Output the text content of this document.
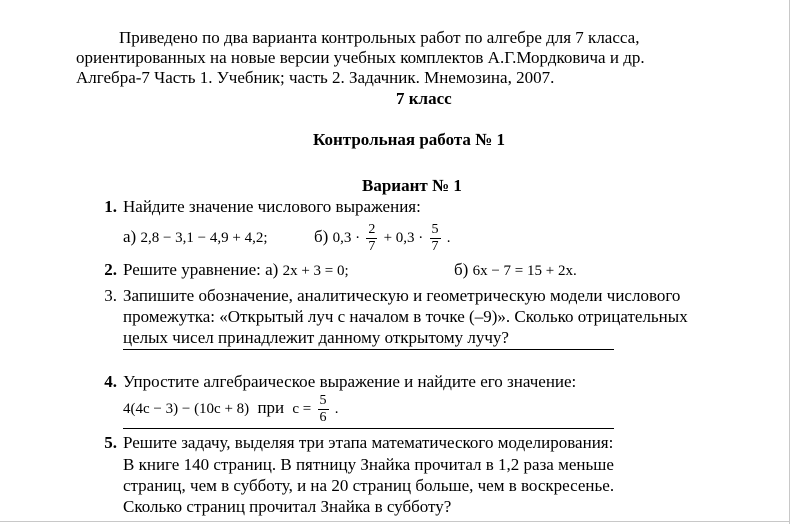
Приведено по два варианта контрольных работ по алгебре для 7 класса,
ориентированных на новые версии учебных комплектов А.Г.Мордковича и др.
Алгебра-7 Часть 1. Учебник; часть 2. Задачник. Мнемозина, 2007.
7 класс
Контрольная работа № 1
Вариант № 1
1. Найдите значение числового выражения:
а) 2,8 − 3,1 − 4,9 + 4,2;	б) $0,3 \cdot \frac{2}{7} + 0,3 \cdot \frac{5}{7}$ .
2. Решите уравнение: а) 2x + 3 = 0;	б) 6x − 7 = 15 + 2x.
3. Запишите обозначение, аналитическую и геометрическую модели числового
промежутка: «Открытый луч с началом в точке (–9)». Сколько отрицательных
целых чисел принадлежит данному открытому лучу?
4. Упростите алгебраическое выражение и найдите его значение:
4(4c − 3) − (10c + 8) при $c = \frac{5}{6}$ .
5. Решите задачу, выделяя три этапа математического моделирования:
В книге 140 страниц. В пятницу Знайка прочитал в 1,2 раза меньше
страниц, чем в субботу, и на 20 страниц больше, чем в воскресенье.
Сколько страниц прочитал Знайка в субботу?
